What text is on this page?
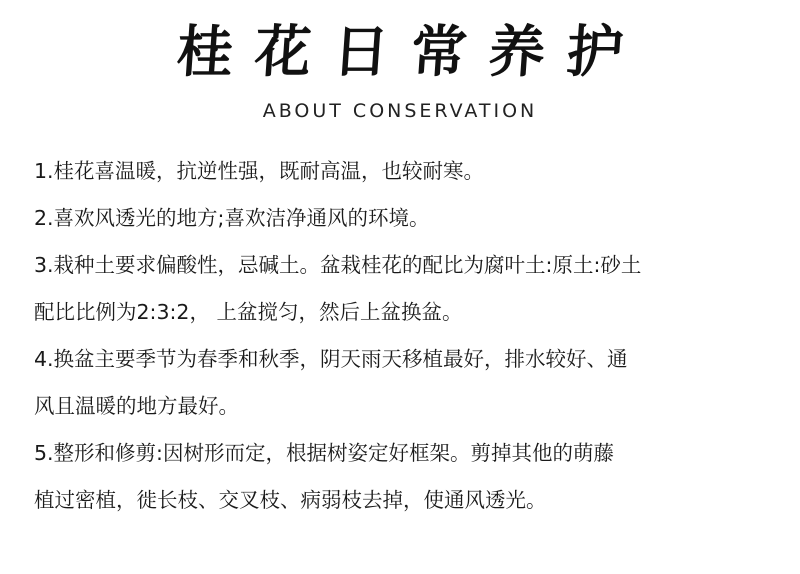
桂花日常养护
ABOUT CONSERVATION
1.桂花喜温暖，抗逆性强，既耐高温，也较耐寒。
2.喜欢风透光的地方;喜欢洁净通风的环境。
3.栽种土要求偏酸性，忌碱土。盆栽桂花的配比为腐叶土:原土:砂土
配比比例为2:3:2， 上盆搅匀，然后上盆换盆。
4.换盆主要季节为春季和秋季，阴天雨天移植最好，排水较好、通
风且温暖的地方最好。
5.整形和修剪:因树形而定，根据树姿定好框架。剪掉其他的萌藤
植过密植，徙长枝、交叉枝、病弱枝去掉，使通风透光。
